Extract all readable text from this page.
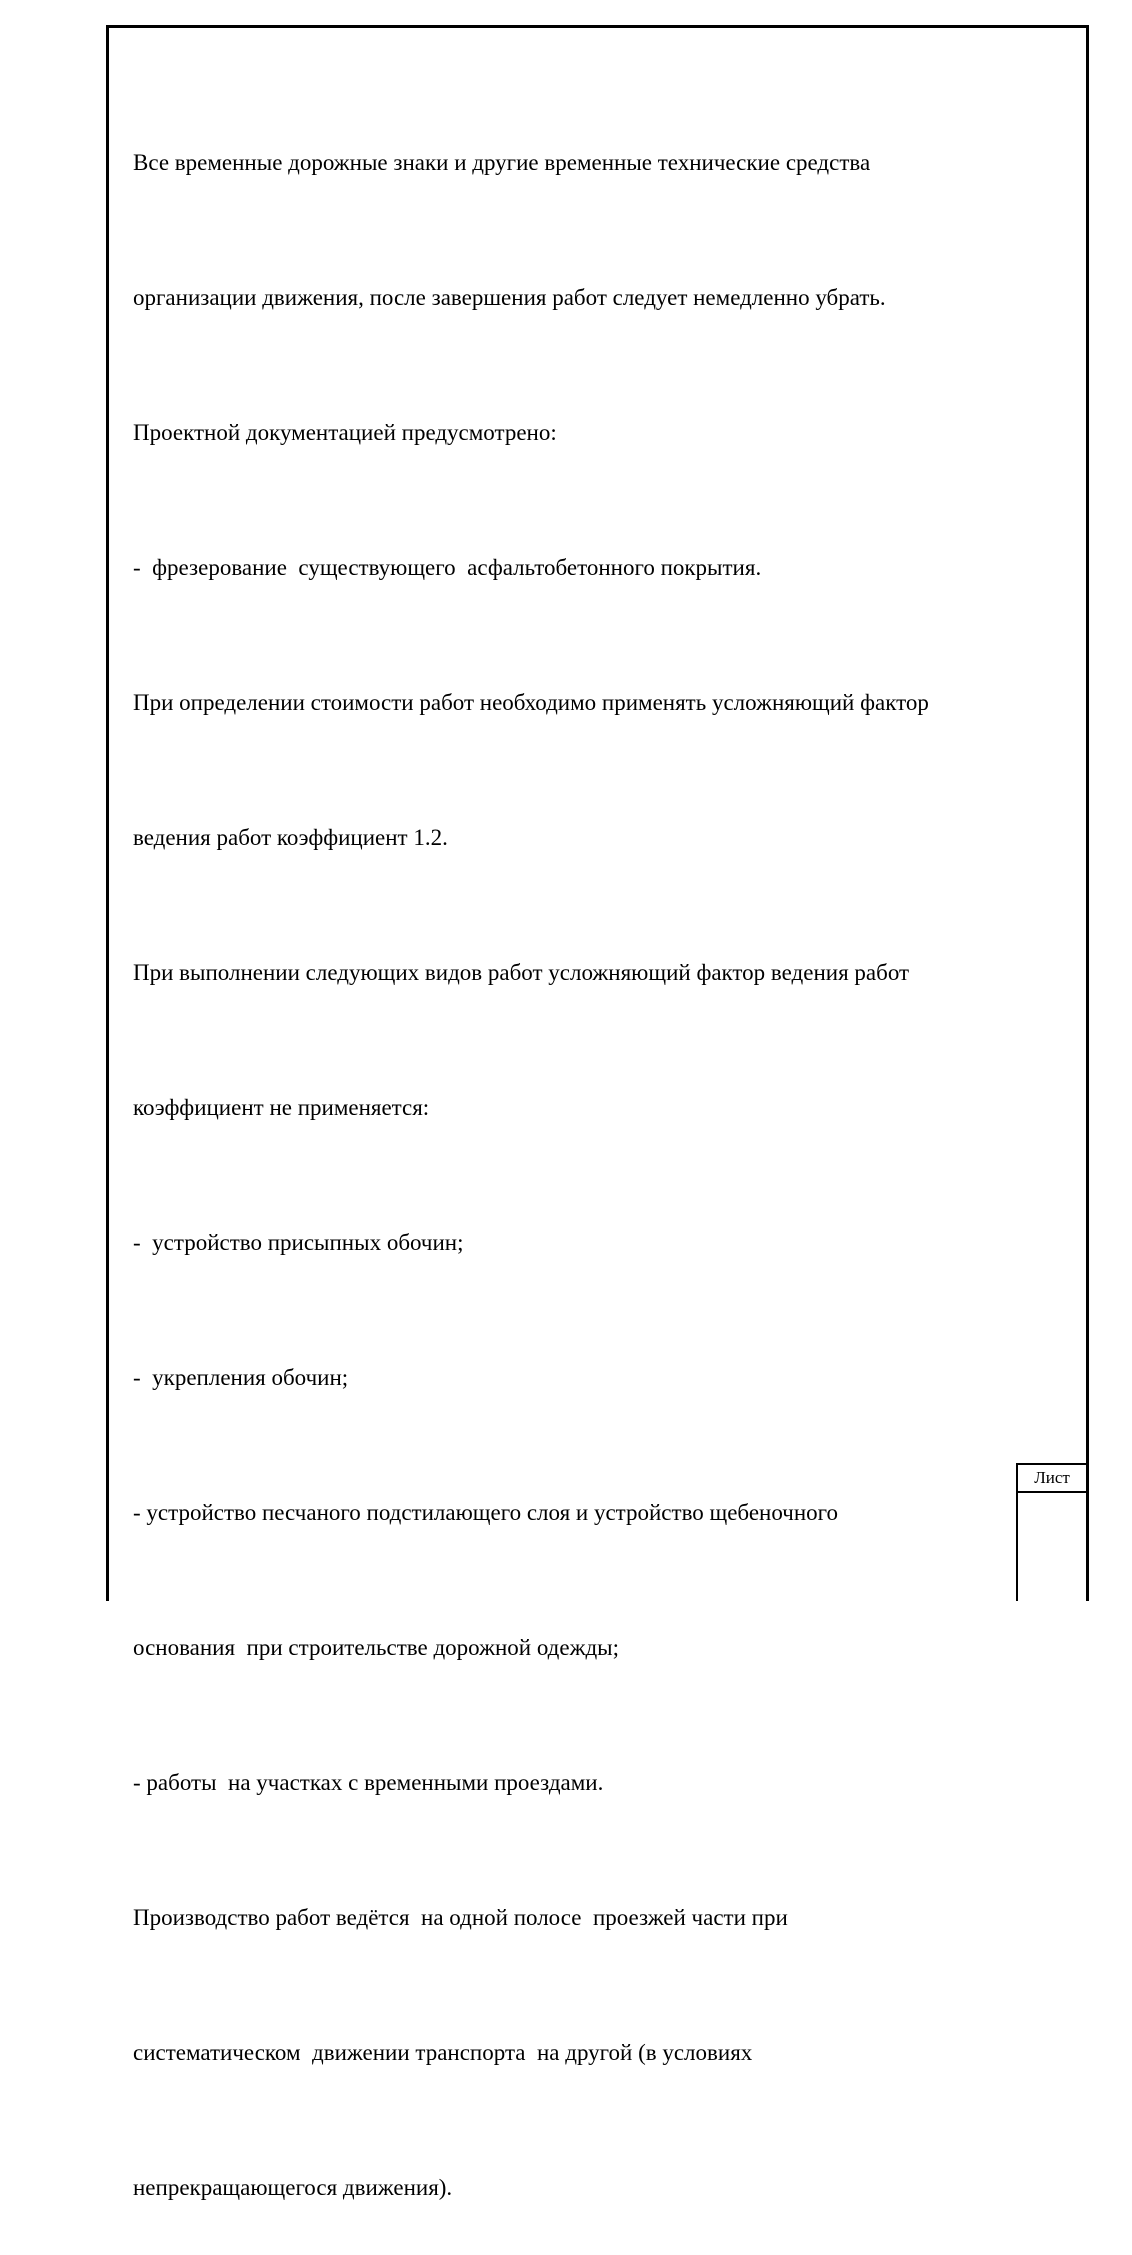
Все временные дорожные знаки и другие временные технические средства

организации движения, после завершения работ следует немедленно убрать.

Проектной документацией предусмотрено:

-  фрезерование  существующего  асфальтобетонного покрытия.

При определении стоимости работ необходимо применять усложняющий фактор

ведения работ коэффициент 1.2.

При выполнении следующих видов работ усложняющий фактор ведения работ

коэффициент не применяется:

-  устройство присыпных обочин;

-  укрепления обочин;

- устройство песчаного подстилающего слоя и устройство щебеночного

основания  при строительстве дорожной одежды;

- работы  на участках с временными проездами.

Производство работ ведётся  на одной полосе  проезжей части при

систематическом  движении транспорта  на другой (в условиях

непрекращающегося движения).

Лист
